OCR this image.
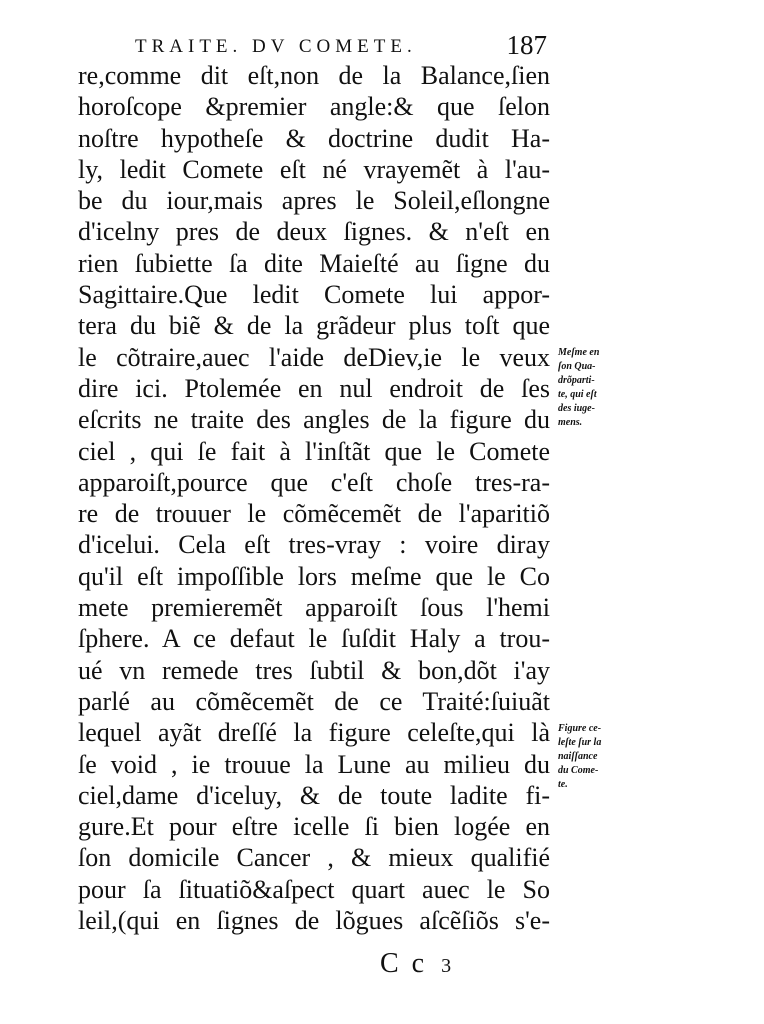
TRAITE. DV COMETE.	187
re,comme dit eſt,non de la Balance,ſien
horoſcope &premier angle:& que ſelon
noſtre hypotheſe & doctrine dudit Ha-
ly, ledit Comete eſt né vrayemẽt à l'au-
be du iour,mais apres le Soleil,eſlongne
d'icelny pres de deux ſignes. & n'eſt en
rien ſubiette ſa dite Maieſté au ſigne du
Sagittaire.Que ledit Comete lui appor-
tera du biẽ & de la grãdeur plus toſt que
le cõtraire,auec l'aide deDiev,ie le veux
dire ici. Ptolemée en nul endroit de ſes
eſcrits ne traite des angles de la figure du
ciel , qui ſe fait à l'inſtãt que le Comete
apparoiſt,pource que c'eſt choſe tres-ra-
re de trouuer le cõmẽcemẽt de l'aparitiõ
d'icelui. Cela eſt tres-vray : voire diray
qu'il eſt impoſſible lors meſme que le Co
mete premieremẽt apparoiſt ſous l'hemi
ſphere. A ce defaut le ſuſdit Haly a trou-
ué vn remede tres ſubtil & bon,dõt i'ay
parlé au cõmẽcemẽt de ce Traité:ſuiuãt
lequel ayãt dreſſé la figure celeſte,qui là
ſe void , ie trouue la Lune au milieu du
ciel,dame d'iceluy, & de toute ladite fi-
gure.Et pour eſtre icelle ſi bien logée en
ſon domicile Cancer , & mieux qualifié
pour ſa ſituatiõ&aſpect quart auec le So
leil,(qui en ſignes de lõgues aſcẽſiõs s'e-
Meſme en
ſon Qua-
drõparti-
te, qui eſt
des iuge-
mens.
Figure ce-
leſte ſur la
naiſſance
du Come-
te.
C c 3
